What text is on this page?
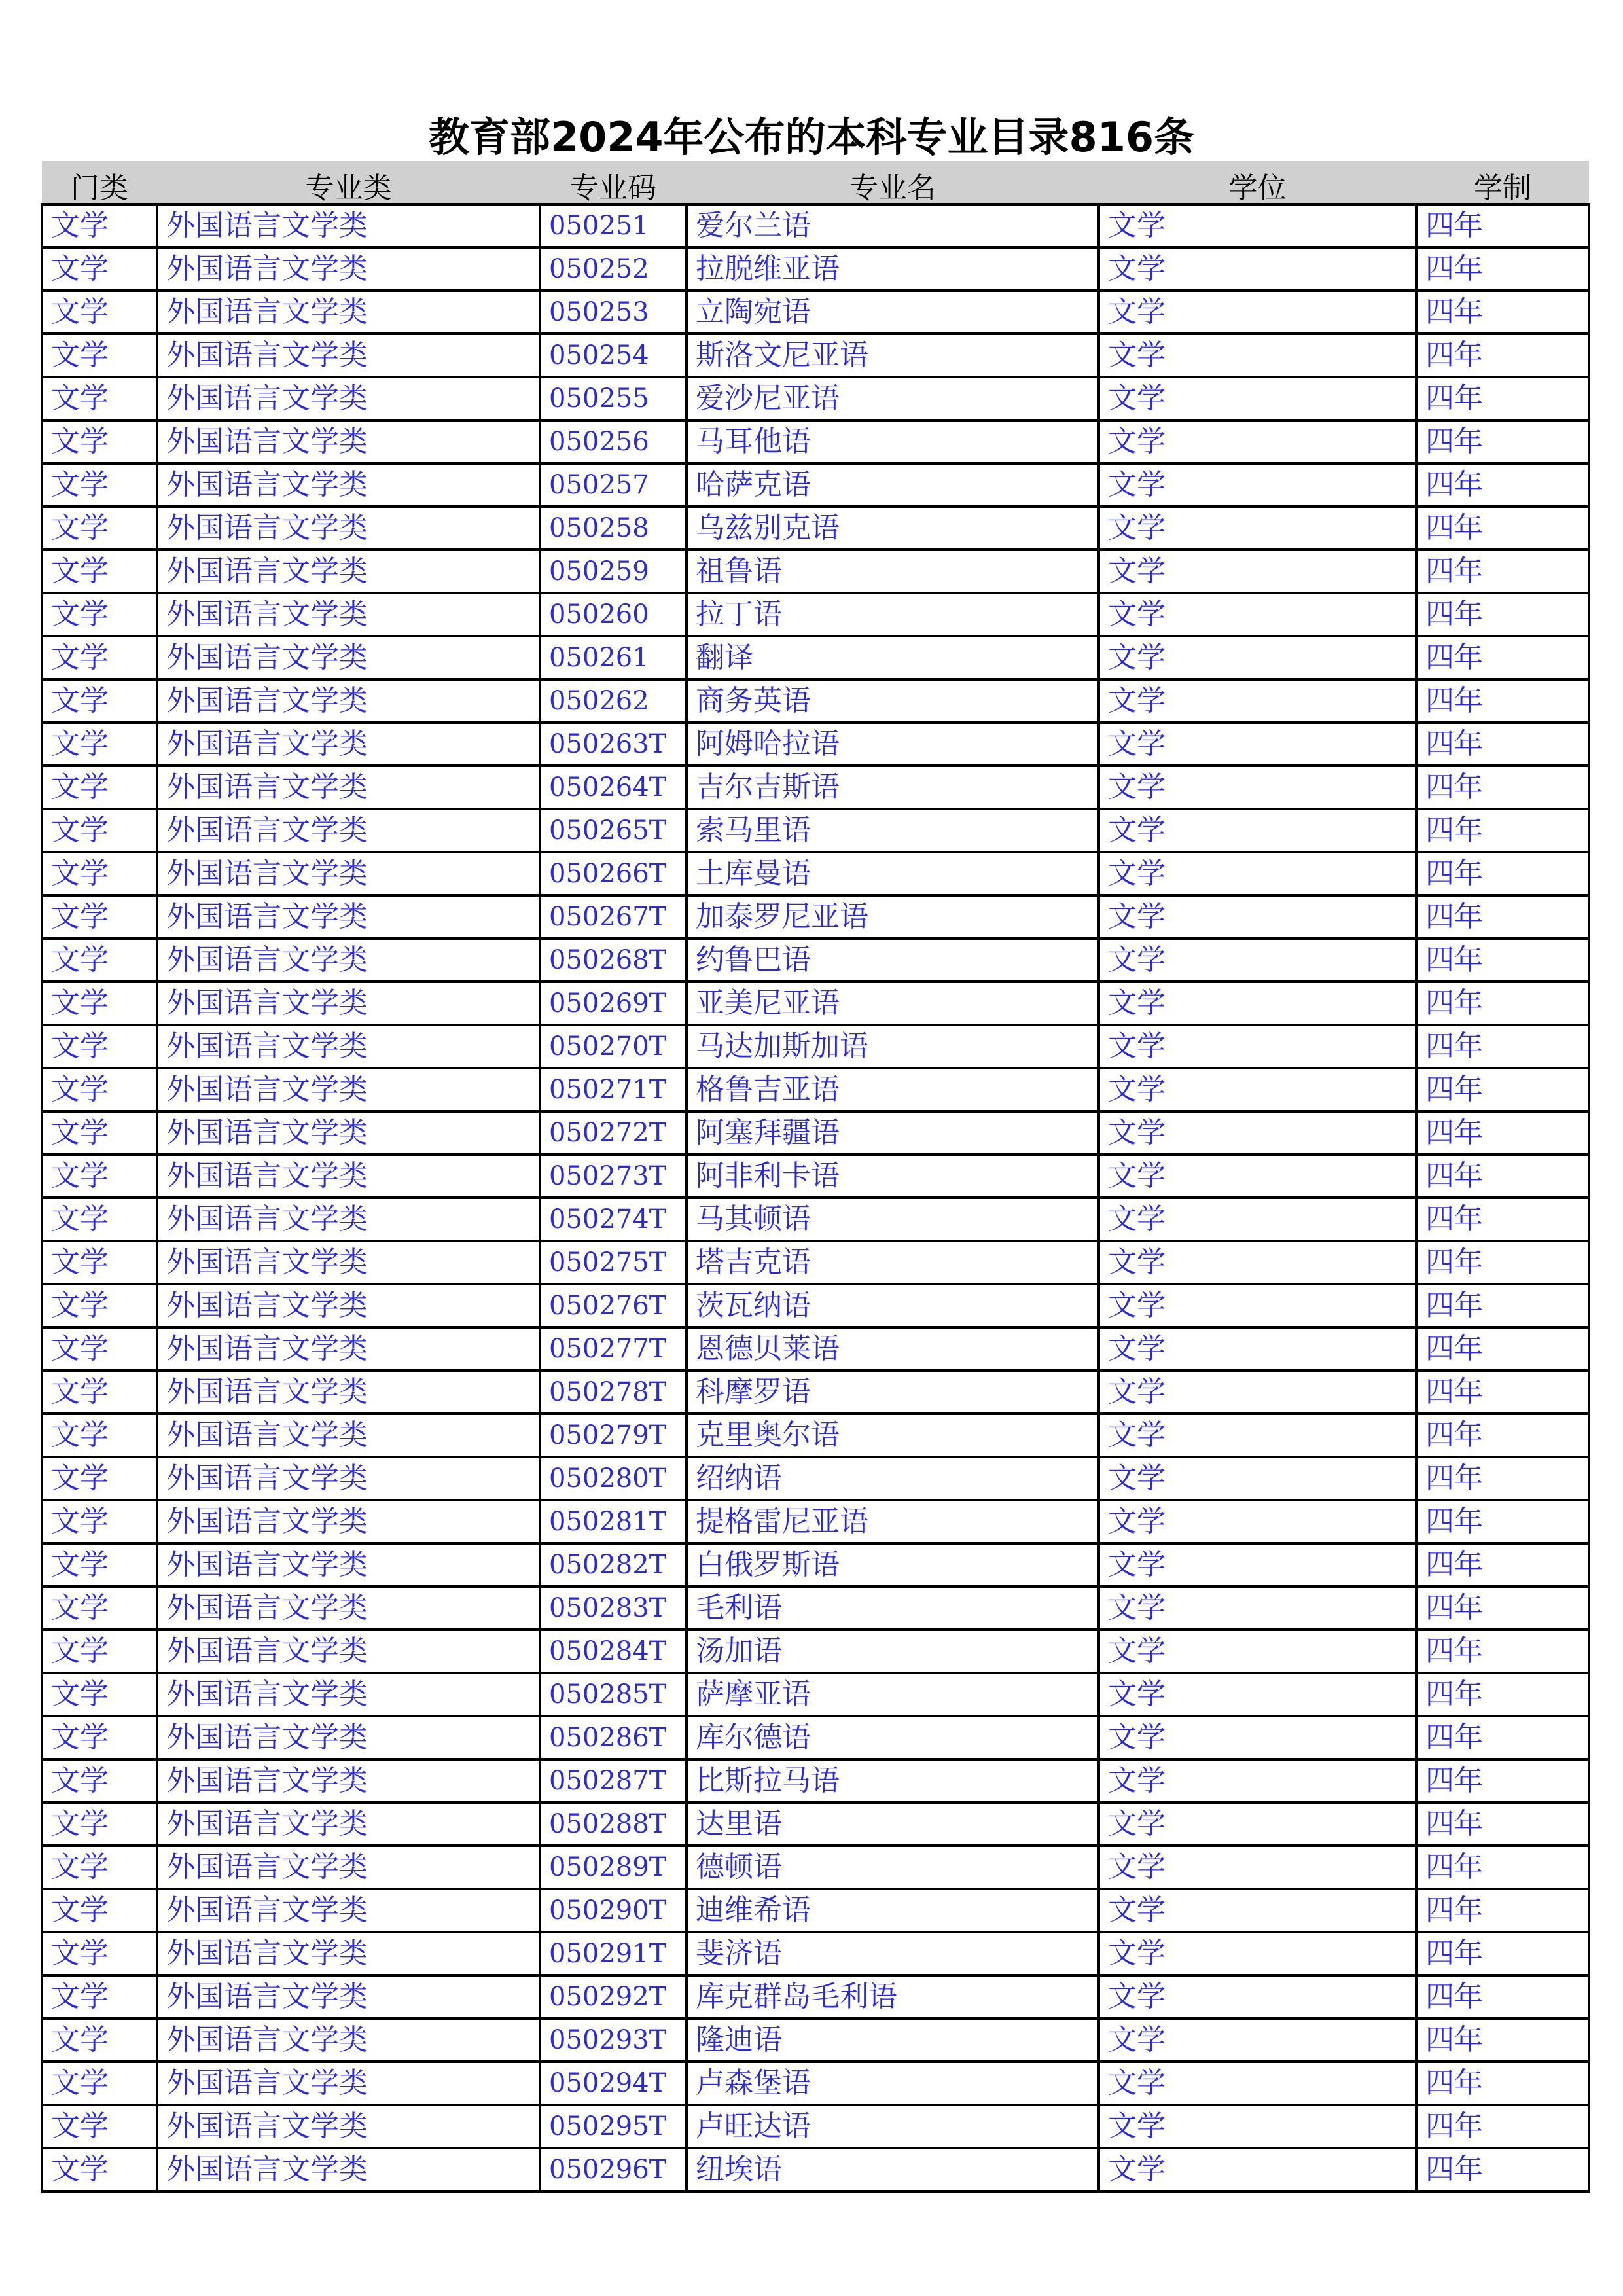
教育部2024年公布的本科专业目录816条
门类	专业类	专业码	专业名	学位	学制
文学	外国语言文学类	050251	爱尔兰语	文学	四年
文学	外国语言文学类	050252	拉脱维亚语	文学	四年
文学	外国语言文学类	050253	立陶宛语	文学	四年
文学	外国语言文学类	050254	斯洛文尼亚语	文学	四年
文学	外国语言文学类	050255	爱沙尼亚语	文学	四年
文学	外国语言文学类	050256	马耳他语	文学	四年
文学	外国语言文学类	050257	哈萨克语	文学	四年
文学	外国语言文学类	050258	乌兹别克语	文学	四年
文学	外国语言文学类	050259	祖鲁语	文学	四年
文学	外国语言文学类	050260	拉丁语	文学	四年
文学	外国语言文学类	050261	翻译	文学	四年
文学	外国语言文学类	050262	商务英语	文学	四年
文学	外国语言文学类	050263T	阿姆哈拉语	文学	四年
文学	外国语言文学类	050264T	吉尔吉斯语	文学	四年
文学	外国语言文学类	050265T	索马里语	文学	四年
文学	外国语言文学类	050266T	土库曼语	文学	四年
文学	外国语言文学类	050267T	加泰罗尼亚语	文学	四年
文学	外国语言文学类	050268T	约鲁巴语	文学	四年
文学	外国语言文学类	050269T	亚美尼亚语	文学	四年
文学	外国语言文学类	050270T	马达加斯加语	文学	四年
文学	外国语言文学类	050271T	格鲁吉亚语	文学	四年
文学	外国语言文学类	050272T	阿塞拜疆语	文学	四年
文学	外国语言文学类	050273T	阿非利卡语	文学	四年
文学	外国语言文学类	050274T	马其顿语	文学	四年
文学	外国语言文学类	050275T	塔吉克语	文学	四年
文学	外国语言文学类	050276T	茨瓦纳语	文学	四年
文学	外国语言文学类	050277T	恩德贝莱语	文学	四年
文学	外国语言文学类	050278T	科摩罗语	文学	四年
文学	外国语言文学类	050279T	克里奥尔语	文学	四年
文学	外国语言文学类	050280T	绍纳语	文学	四年
文学	外国语言文学类	050281T	提格雷尼亚语	文学	四年
文学	外国语言文学类	050282T	白俄罗斯语	文学	四年
文学	外国语言文学类	050283T	毛利语	文学	四年
文学	外国语言文学类	050284T	汤加语	文学	四年
文学	外国语言文学类	050285T	萨摩亚语	文学	四年
文学	外国语言文学类	050286T	库尔德语	文学	四年
文学	外国语言文学类	050287T	比斯拉马语	文学	四年
文学	外国语言文学类	050288T	达里语	文学	四年
文学	外国语言文学类	050289T	德顿语	文学	四年
文学	外国语言文学类	050290T	迪维希语	文学	四年
文学	外国语言文学类	050291T	斐济语	文学	四年
文学	外国语言文学类	050292T	库克群岛毛利语	文学	四年
文学	外国语言文学类	050293T	隆迪语	文学	四年
文学	外国语言文学类	050294T	卢森堡语	文学	四年
文学	外国语言文学类	050295T	卢旺达语	文学	四年
文学	外国语言文学类	050296T	纽埃语	文学	四年
